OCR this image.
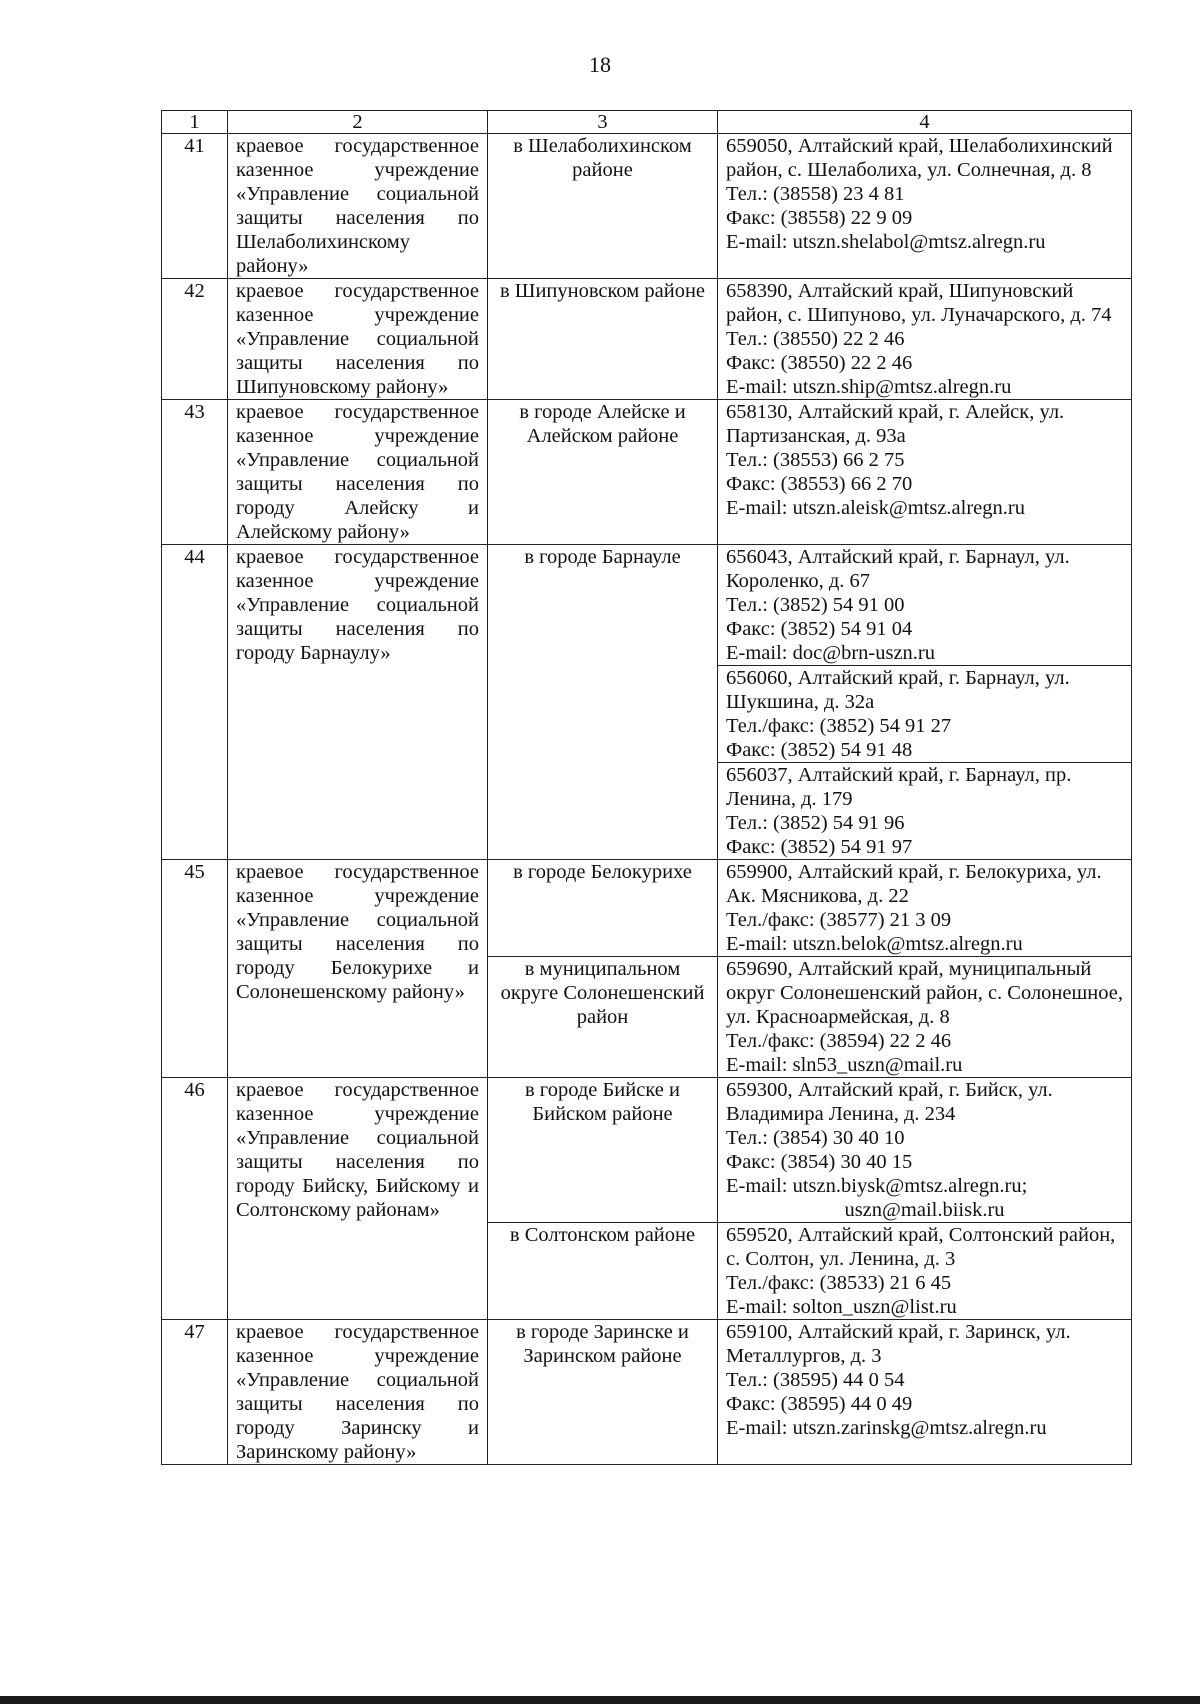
18
1	2	3	4
41	краевое государственное казенное учреждение «Управление социальной защиты населения по Шелаболихинскому району»	в Шелаболихинском районе	659050, Алтайский край, Шелаболихинский район, с. Шелаболиха, ул. Солнечная, д. 8
Тел.: (38558) 23 4 81
Факс: (38558) 22 9 09
E-mail: utszn.shelabol@mtsz.alregn.ru

42	краевое государственное казенное учреждение «Управление социальной защиты населения по Шипуновскому району»	в Шипуновском районе	658390, Алтайский край, Шипуновский район, с. Шипуново, ул. Луначарского, д. 74
Тел.: (38550) 22 2 46
Факс: (38550) 22 2 46
E-mail: utszn.ship@mtsz.alregn.ru

43	краевое государственное казенное учреждение «Управление социальной защиты населения по городу Алейску и Алейскому району»	в городе Алейске и Алейском районе	658130, Алтайский край, г. Алейск, ул. Партизанская, д. 93а
Тел.: (38553) 66 2 75
Факс: (38553) 66 2 70
E-mail: utszn.aleisk@mtsz.alregn.ru

44	краевое государственное казенное учреждение «Управление социальной защиты населения по городу Барнаулу»	в городе Барнауле	656043, Алтайский край, г. Барнаул, ул. Короленко, д. 67
Тел.: (3852) 54 91 00
Факс: (3852) 54 91 04
E-mail: doc@brn-uszn.ru

			656060, Алтайский край, г. Барнаул, ул. Шукшина, д. 32а
Тел./факс: (3852) 54 91 27
Факс: (3852) 54 91 48

			656037, Алтайский край, г. Барнаул, пр. Ленина, д. 179
Тел.: (3852) 54 91 96
Факс: (3852) 54 91 97

45	краевое государственное казенное учреждение «Управление социальной защиты населения по городу Белокурихе и Солонешенскому району»	в городе Белокурихе	659900, Алтайский край, г. Белокуриха, ул. Ак. Мясникова, д. 22
Тел./факс: (38577) 21 3 09
E-mail: utszn.belok@mtsz.alregn.ru

		в муниципальном округе Солонешенский район	659690, Алтайский край, муниципальный округ Солонешенский район, с. Солонешное, ул. Красноармейская, д. 8
Тел./факс: (38594) 22 2 46
E-mail: sln53_uszn@mail.ru

46	краевое государственное казенное учреждение «Управление социальной защиты населения по городу Бийску, Бийскому и Солтонскому районам»	в городе Бийске и Бийском районе	659300, Алтайский край, г. Бийск, ул. Владимира Ленина, д. 234
Тел.: (3854) 30 40 10
Факс: (3854) 30 40 15
E-mail: utszn.biysk@mtsz.alregn.ru;
uszn@mail.biisk.ru

		в Солтонском районе	659520, Алтайский край, Солтонский район, с. Солтон, ул. Ленина, д. 3
Тел./факс: (38533) 21 6 45
E-mail: solton_uszn@list.ru

47	краевое государственное казенное учреждение «Управление социальной защиты населения по городу Заринску и Заринскому району»	в городе Заринске и Заринском районе	659100, Алтайский край, г. Заринск, ул. Металлургов, д. 3
Тел.: (38595) 44 0 54
Факс: (38595) 44 0 49
E-mail: utszn.zarinskg@mtsz.alregn.ru
